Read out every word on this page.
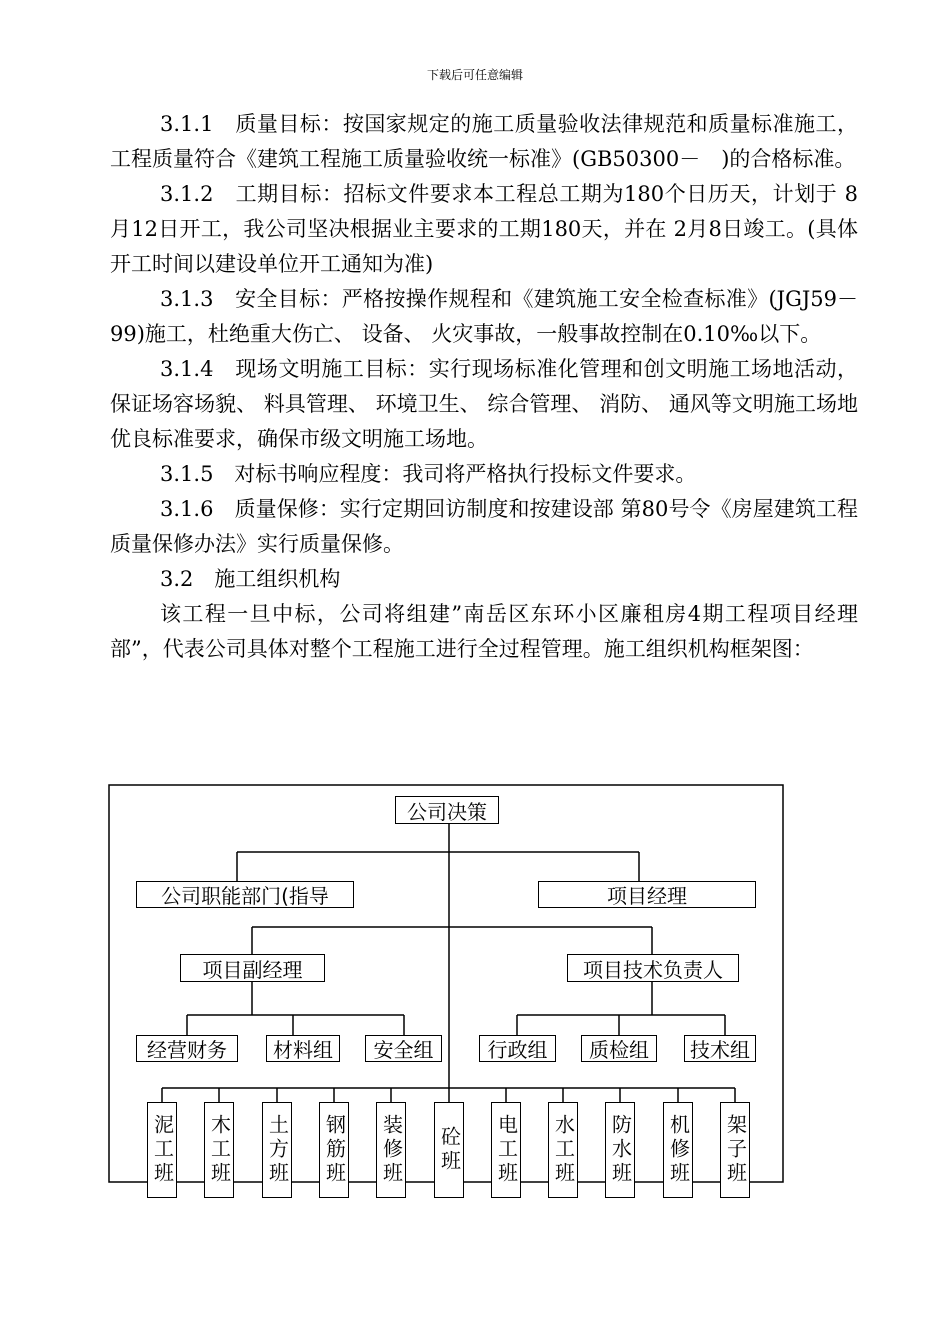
下载后可任意编辑

3.1.1　质量目标：按国家规定的施工质量验收法律规范和质量标准施工，工程质量符合《建筑工程施工质量验收统一标准》(GB50300－　)的合格标准。

3.1.2　工期目标：招标文件要求本工程总工期为180个日历天，计划于 8月12日开工，我公司坚决根据业主要求的工期180天，并在 2月8日竣工。(具体开工时间以建设单位开工通知为准)

3.1.3　安全目标：严格按操作规程和《建筑施工安全检查标准》(JGJ59－99)施工，杜绝重大伤亡、 设备、 火灾事故，一般事故控制在0.10‰以下。

3.1.4　现场文明施工目标：实行现场标准化管理和创文明施工场地活动，保证场容场貌、 料具管理、 环境卫生、 综合管理、 消防、 通风等文明施工场地优良标准要求，确保市级文明施工场地。

3.1.5　对标书响应程度：我司将严格执行投标文件要求。

3.1.6　质量保修：实行定期回访制度和按建设部 第80号令《房屋建筑工程质量保修办法》实行质量保修。

3.2　施工组织机构

该工程一旦中标，公司将组建”南岳区东环小区廉租房4期工程项目经理部”，代表公司具体对整个工程施工进行全过程管理。施工组织机构框架图：

公司决策
公司职能部门(指导	项目经理
项目副经理	项目技术负责人
经营财务	材料组	安全组	行政组	质检组	技术组
泥工班 木工班 土方班 钢筋班 装修班 砼班 电工班 水工班 防水班 机修班 架子班
